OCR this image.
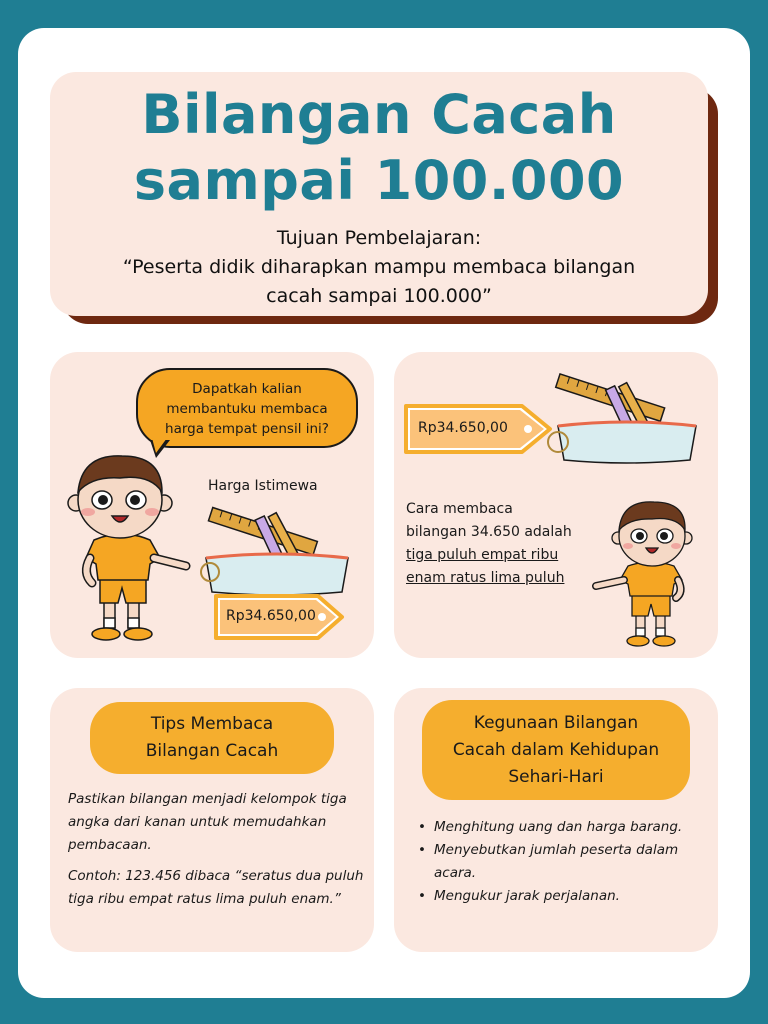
Bilangan Cacah
sampai 100.000
Tujuan Pembelajaran:
“Peserta didik diharapkan mampu membaca bilangan
cacah sampai 100.000”
Dapatkah kalian
membantuku membaca
harga tempat pensil ini?
Harga Istimewa
Rp34.650,00
Rp34.650,00
Cara membaca
bilangan 34.650 adalah
tiga puluh empat ribu
enam ratus lima puluh
Tips Membaca
Bilangan Cacah

Pastikan bilangan menjadi kelompok tiga angka dari kanan untuk memudahkan pembacaan.

Contoh: 123.456 dibaca “seratus dua puluh tiga ribu empat ratus lima puluh enam.”

Kegunaan Bilangan
Cacah dalam Kehidupan
Sehari-Hari
• Menghitung uang dan harga barang.
• Menyebutkan jumlah peserta dalam acara.
• Mengukur jarak perjalanan.
